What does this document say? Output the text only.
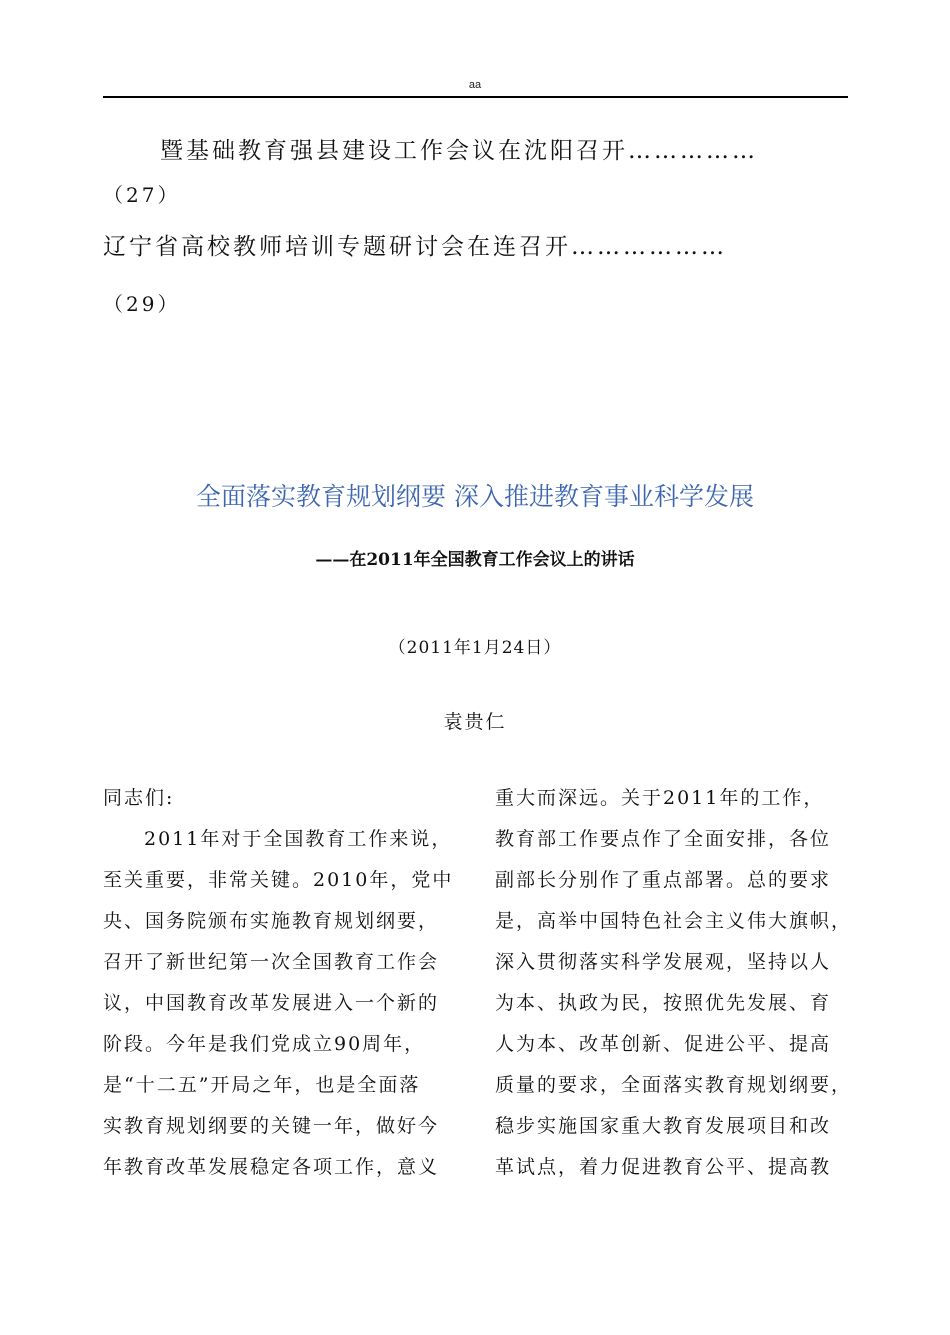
aa
暨基础教育强县建设工作会议在沈阳召开……………
（27）
辽宁省高校教师培训专题研讨会在连召开………………
（29）
全面落实教育规划纲要 深入推进教育事业科学发展
——在2011年全国教育工作会议上的讲话
（2011年1月24日）
袁贵仁
同志们:
2011年对于全国教育工作来说，
至关重要，非常关键。2010年，党中
央、国务院颁布实施教育规划纲要，
召开了新世纪第一次全国教育工作会
议，中国教育改革发展进入一个新的
阶段。今年是我们党成立90周年，
是“十二五”开局之年，也是全面落
实教育规划纲要的关键一年，做好今
年教育改革发展稳定各项工作，意义
重大而深远。关于2011年的工作，
教育部工作要点作了全面安排，各位
副部长分别作了重点部署。总的要求
是，高举中国特色社会主义伟大旗帜，
深入贯彻落实科学发展观，坚持以人
为本、执政为民，按照优先发展、育
人为本、改革创新、促进公平、提高
质量的要求，全面落实教育规划纲要，
稳步实施国家重大教育发展项目和改
革试点，着力促进教育公平、提高教
